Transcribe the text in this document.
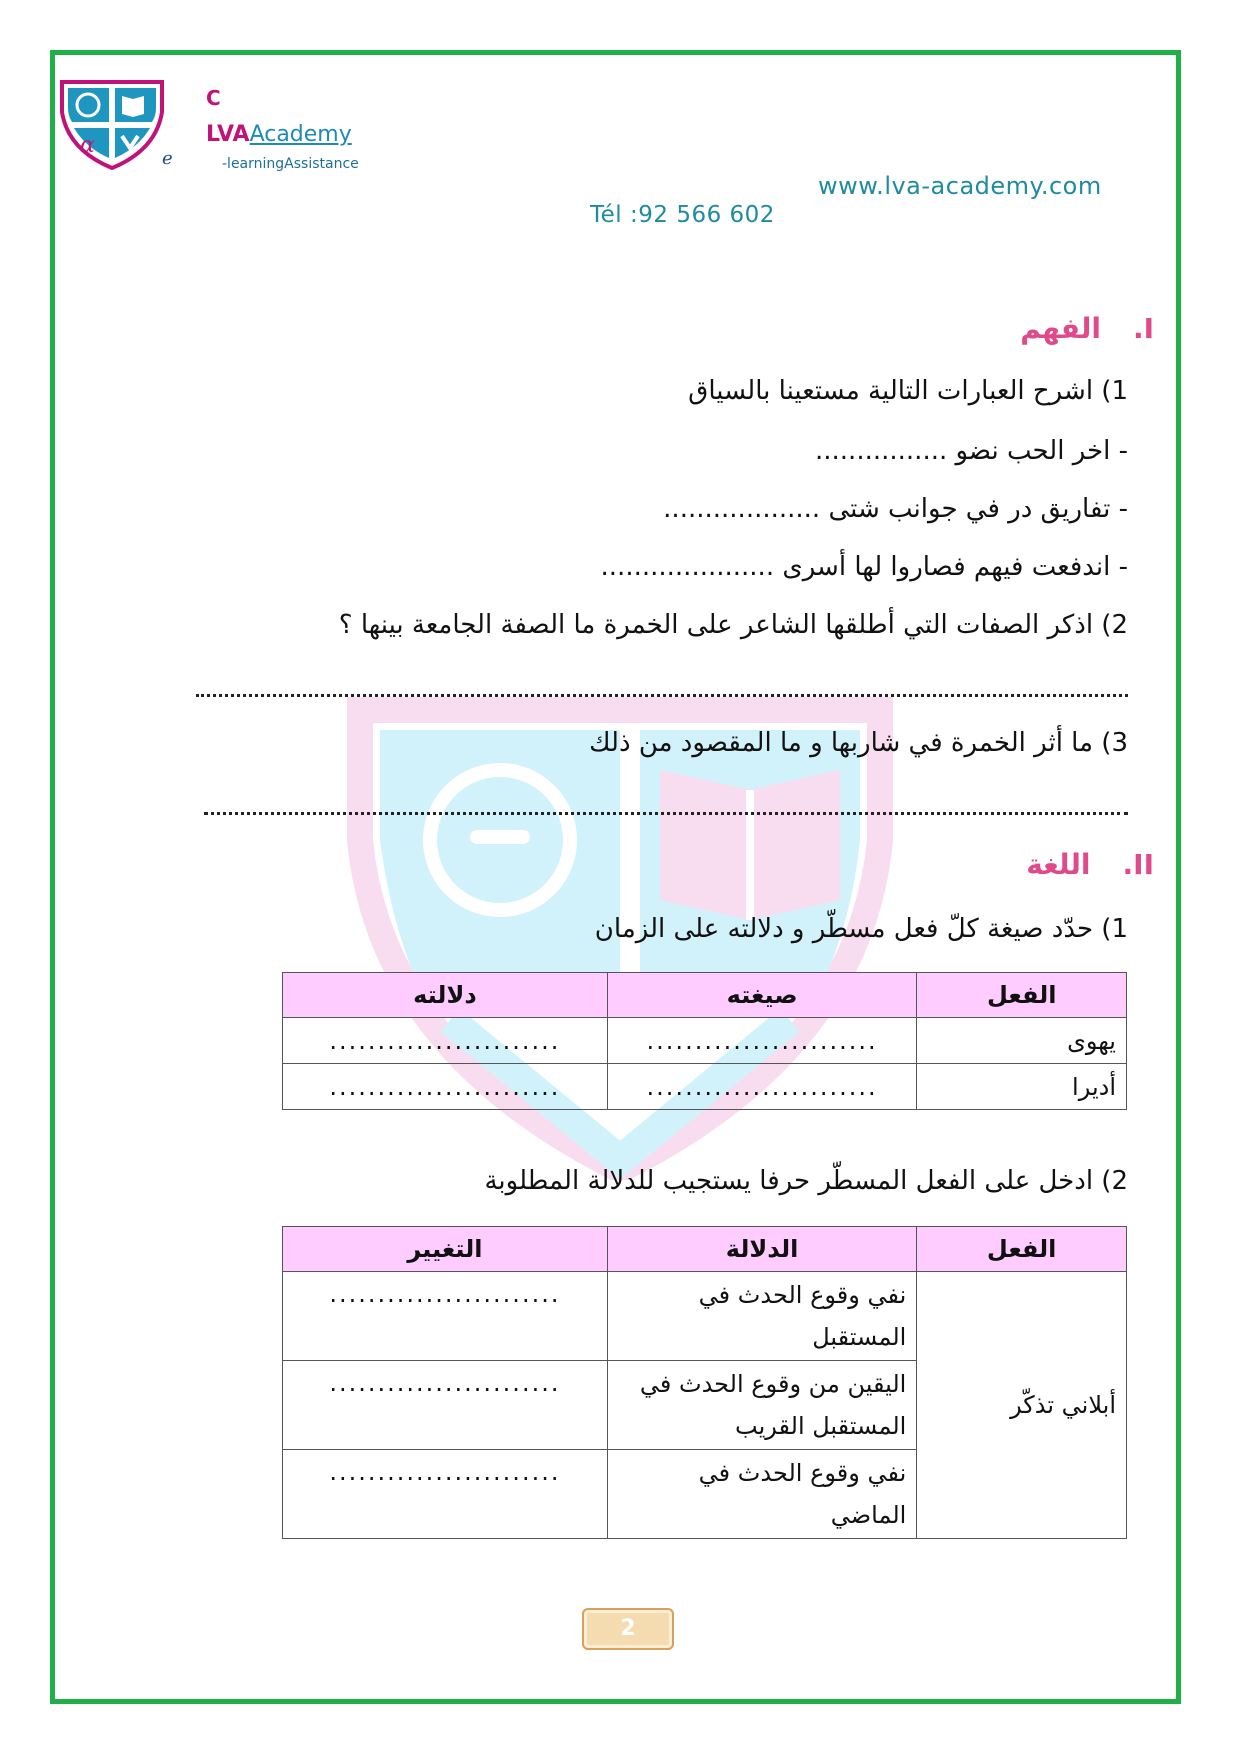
α
e
C
LVAAcademy
-learningAssistance
www.lva-academy.com
Tél :92 566 602
I.الفهم
1) اشرح العبارات التالية مستعينا بالسياق
- اخر الحب نضو ................
- تفاريق در في جوانب شتى ...................
- اندفعت فيهم فصاروا لها أسرى .....................
2) اذكر الصفات التي أطلقها الشاعر على الخمرة ما الصفة الجامعة بينها ؟
3) ما أثر الخمرة في شاربها و ما المقصود من ذلك
II.اللغة
1) حدّد صيغة كلّ فعل مسطّر و دلالته على الزمان
الفعل	صيغته	دلالته
يهوى	........................	........................
أديرا	........................	........................
2) ادخل على الفعل المسطّر حرفا يستجيب للدلالة المطلوبة
الفعل	الدلالة	التغيير
أبلاني تذكّر	نفي وقوع الحدث في المستقبل	........................
	اليقين من وقوع الحدث في المستقبل القريب	........................
	نفي وقوع الحدث في الماضي	........................
2
